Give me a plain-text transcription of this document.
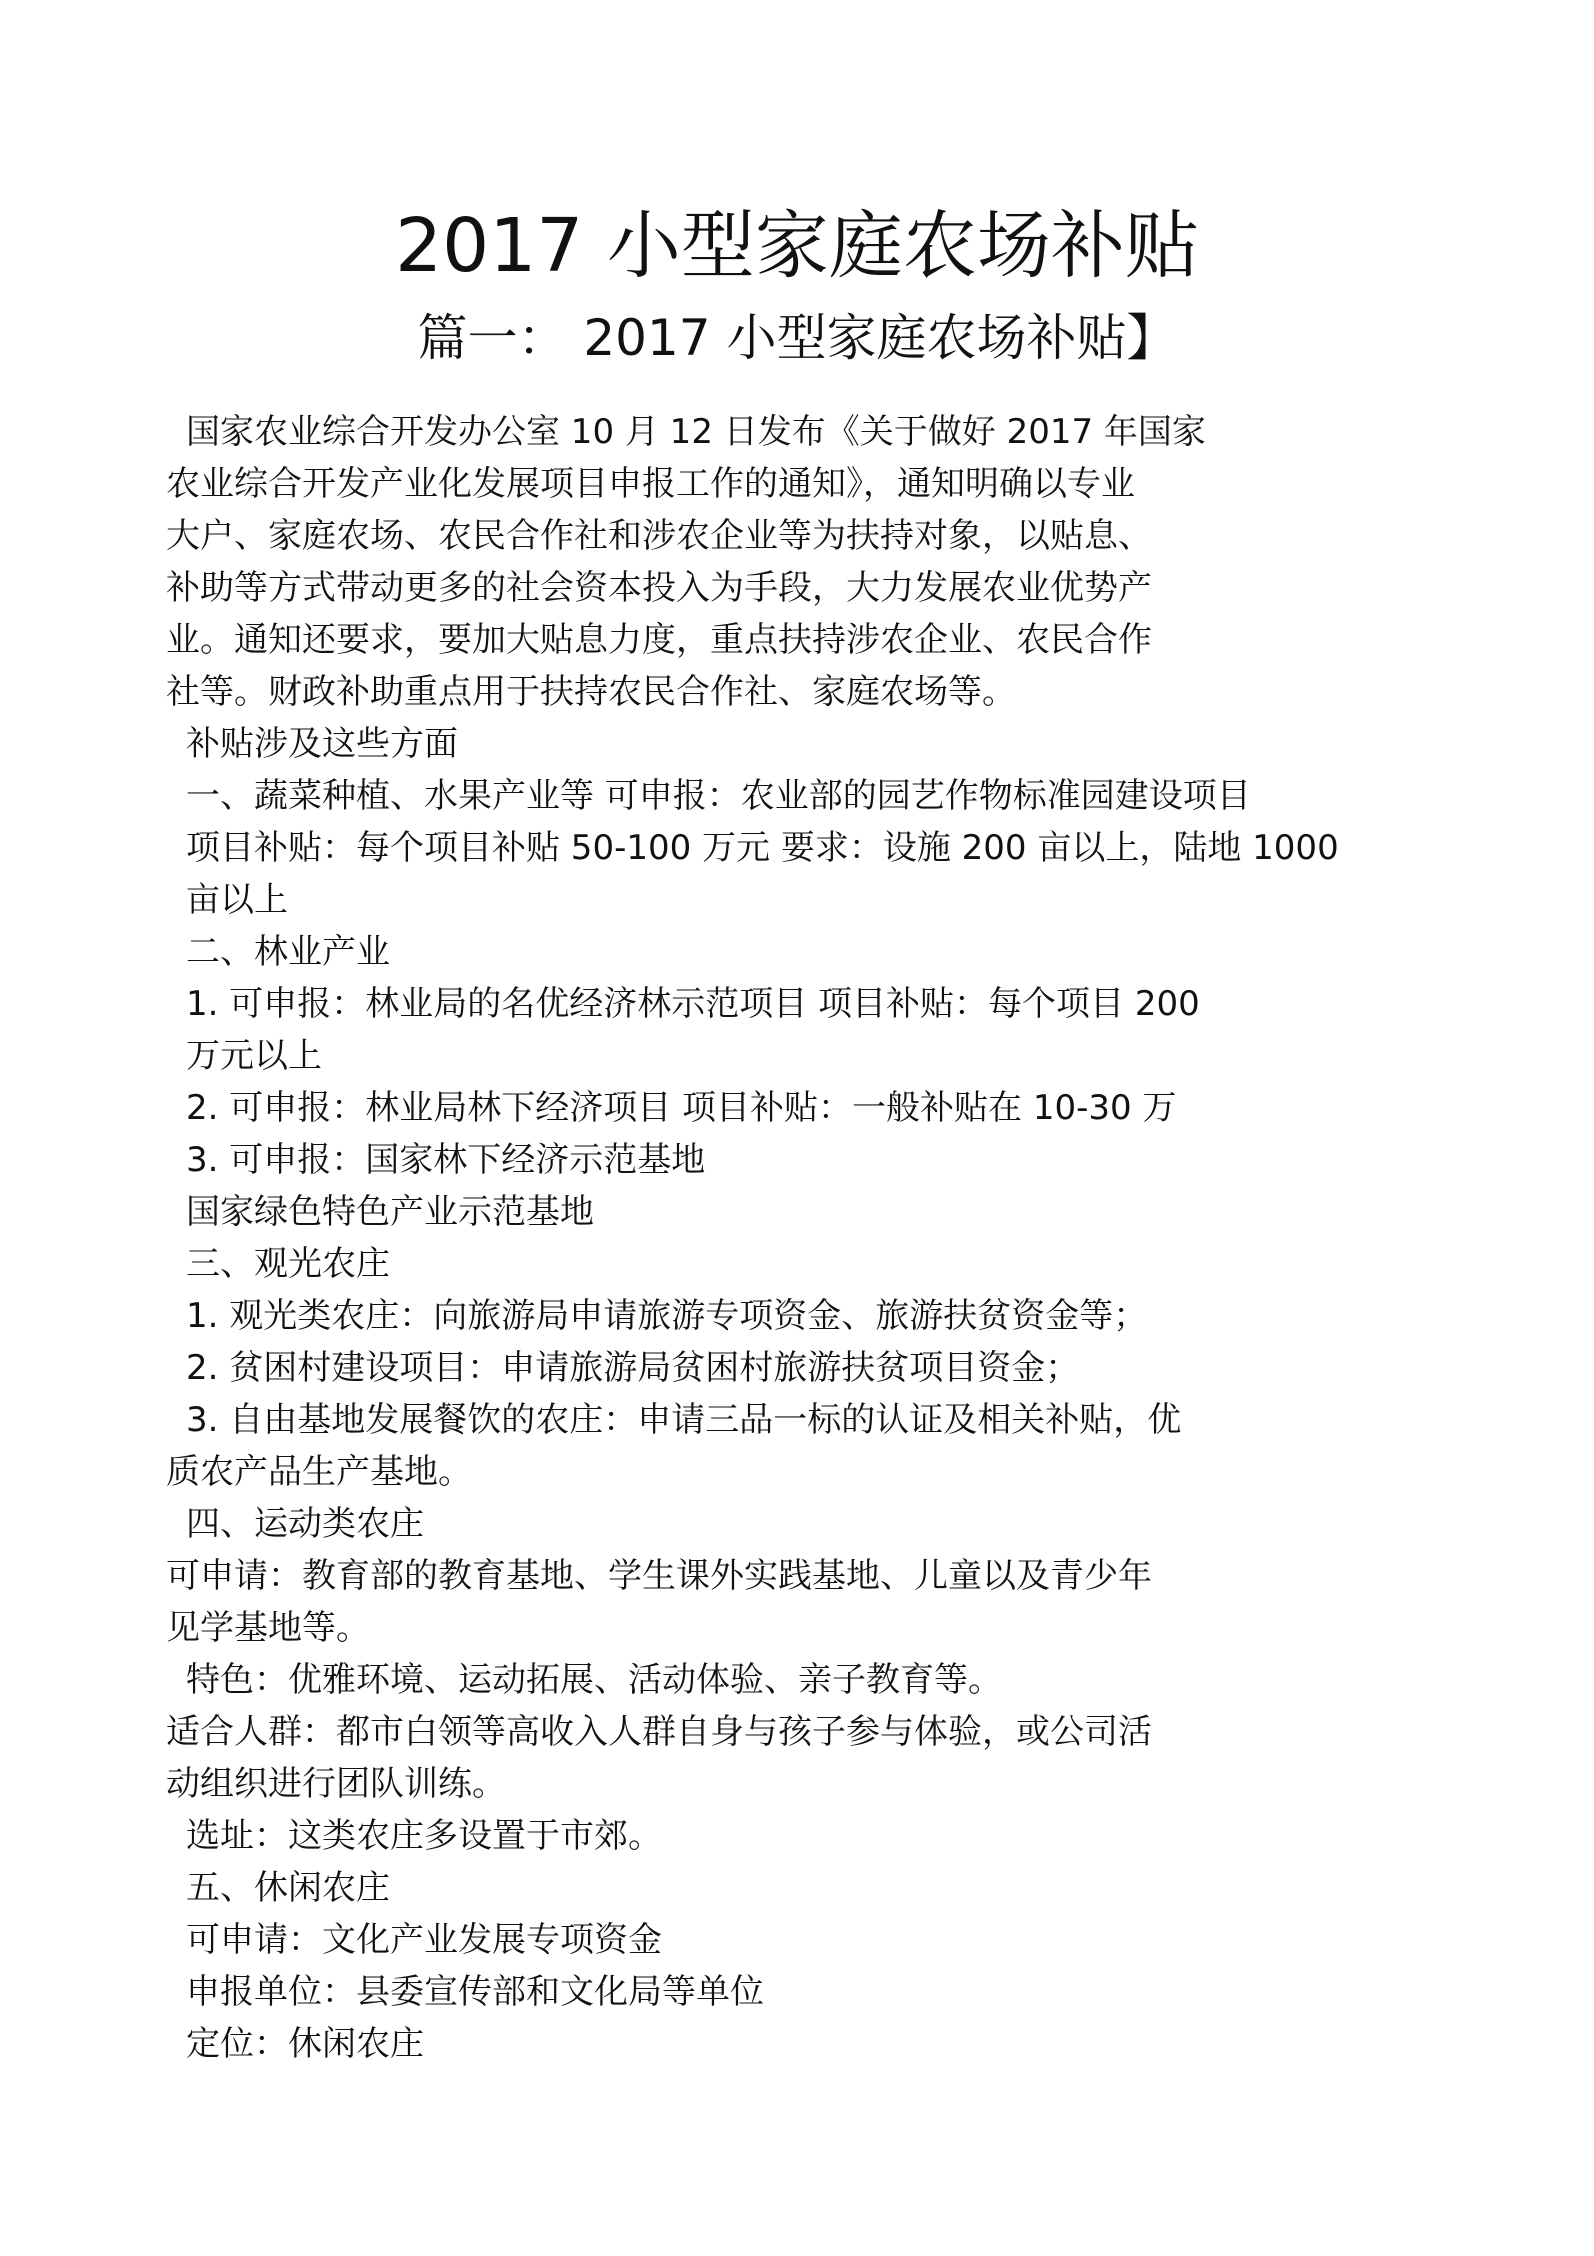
2017 小型家庭农场补贴
篇一： 2017 小型家庭农场补贴】
国家农业综合开发办公室 10 月 12 日发布《关于做好 2017 年国家
农业综合开发产业化发展项目申报工作的通知》，通知明确以专业
大户、家庭农场、农民合作社和涉农企业等为扶持对象，以贴息、
补助等方式带动更多的社会资本投入为手段，大力发展农业优势产
业。通知还要求，要加大贴息力度，重点扶持涉农企业、农民合作
社等。财政补助重点用于扶持农民合作社、家庭农场等。
补贴涉及这些方面
一、蔬菜种植、水果产业等 可申报：农业部的园艺作物标准园建设项目
项目补贴：每个项目补贴 50-100 万元 要求：设施 200 亩以上，陆地 1000
亩以上
二、林业产业
1. 可申报：林业局的名优经济林示范项目 项目补贴：每个项目 200
万元以上
2. 可申报：林业局林下经济项目 项目补贴：一般补贴在 10-30 万
3. 可申报：国家林下经济示范基地
国家绿色特色产业示范基地
三、观光农庄
1. 观光类农庄：向旅游局申请旅游专项资金、旅游扶贫资金等；
2. 贫困村建设项目：申请旅游局贫困村旅游扶贫项目资金；
3. 自由基地发展餐饮的农庄：申请三品一标的认证及相关补贴，优
质农产品生产基地。
四、运动类农庄
可申请：教育部的教育基地、学生课外实践基地、儿童以及青少年
见学基地等。
特色：优雅环境、运动拓展、活动体验、亲子教育等。
适合人群：都市白领等高收入人群自身与孩子参与体验，或公司活
动组织进行团队训练。
选址：这类农庄多设置于市郊。
五、休闲农庄
可申请：文化产业发展专项资金
申报单位：县委宣传部和文化局等单位
定位：休闲农庄
